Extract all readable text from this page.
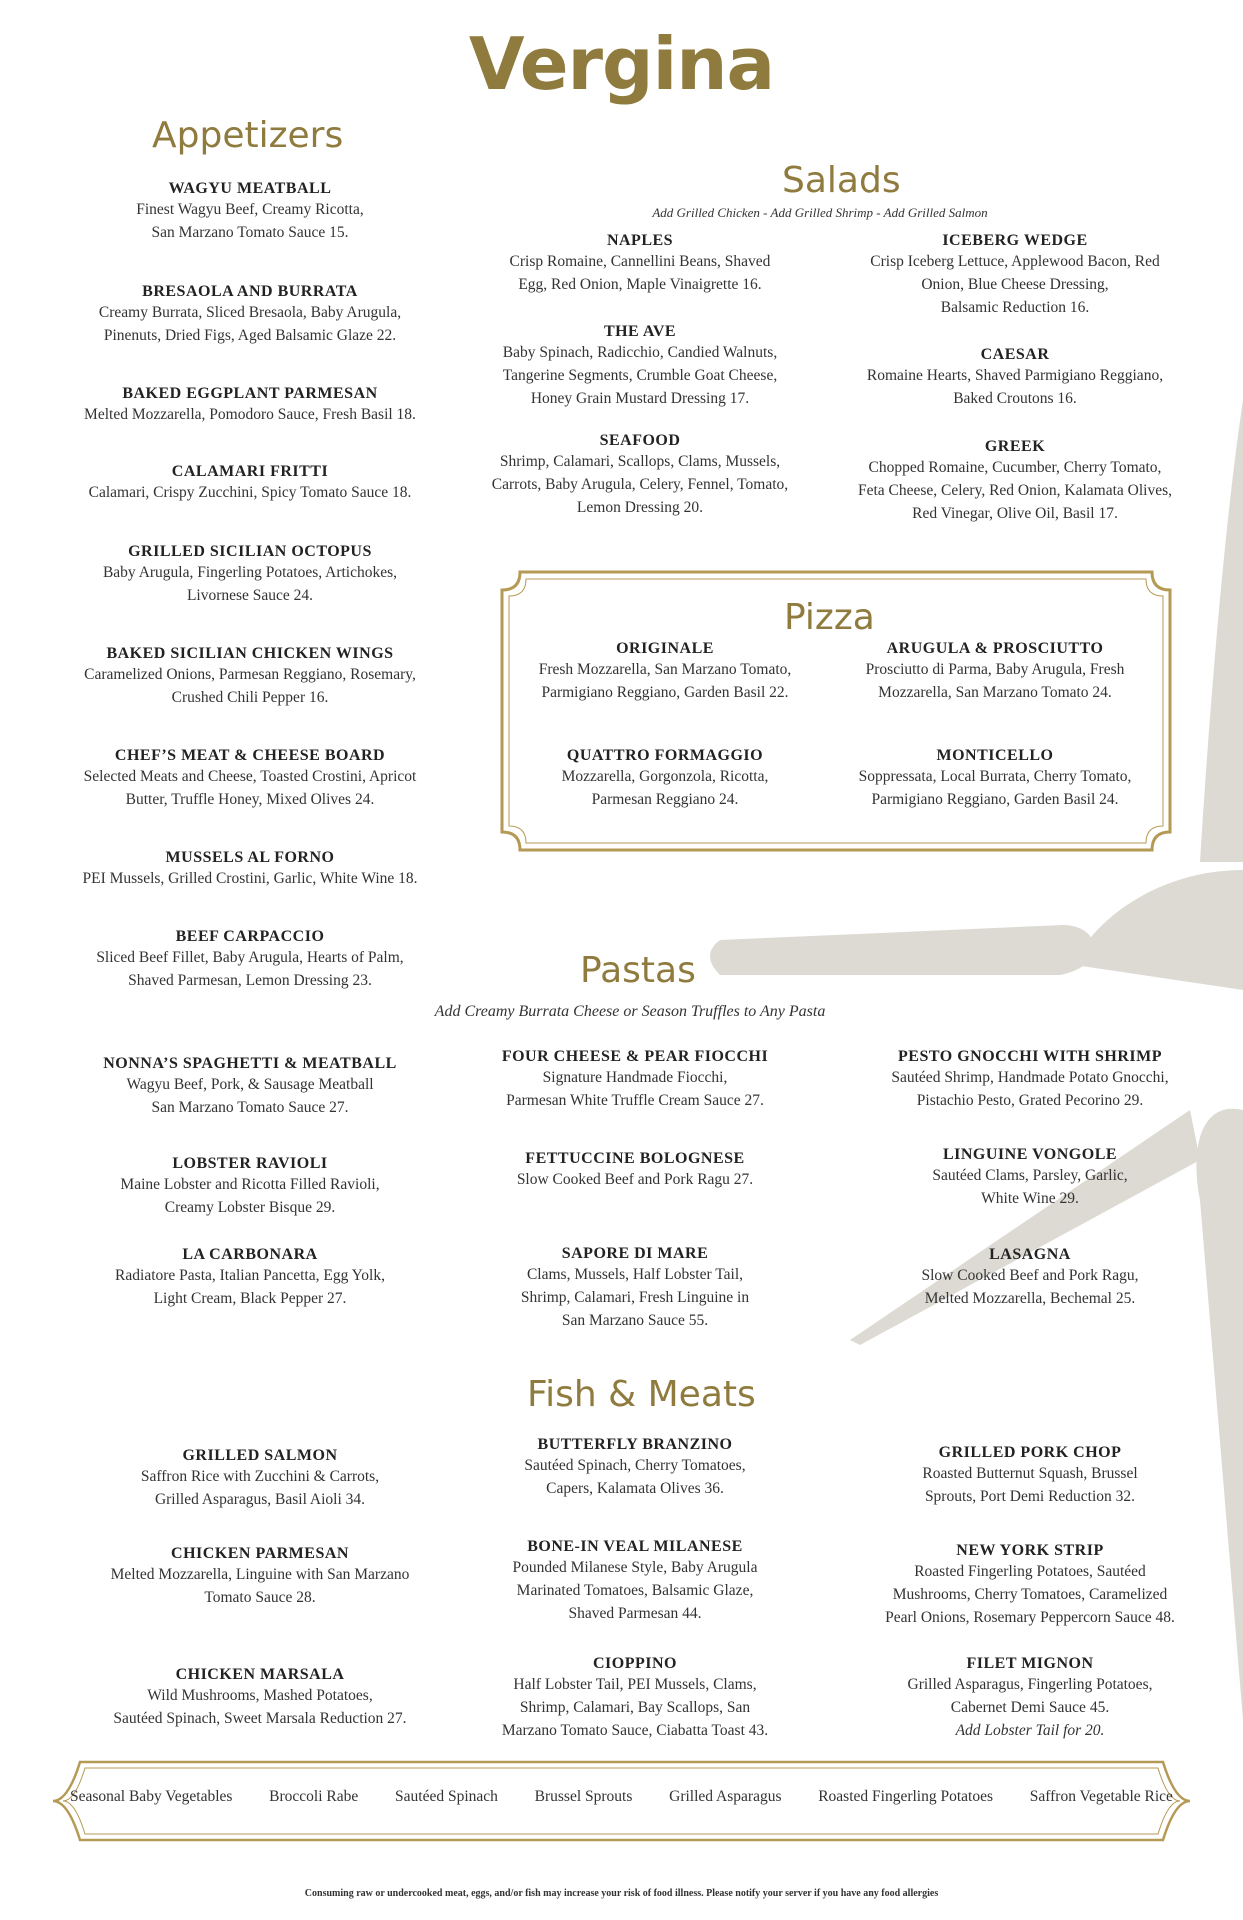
Vergina
Appetizers
WAGYU MEATBALL
Finest Wagyu Beef, Creamy Ricotta,
San Marzano Tomato Sauce 15.
BRESAOLA AND BURRATA
Creamy Burrata, Sliced Bresaola, Baby Arugula,
Pinenuts, Dried Figs, Aged Balsamic Glaze 22.
BAKED EGGPLANT PARMESAN
Melted Mozzarella, Pomodoro Sauce, Fresh Basil 18.
CALAMARI FRITTI
Calamari, Crispy Zucchini, Spicy Tomato Sauce 18.
GRILLED SICILIAN OCTOPUS
Baby Arugula, Fingerling Potatoes, Artichokes,
Livornese Sauce 24.
BAKED SICILIAN CHICKEN WINGS
Caramelized Onions, Parmesan Reggiano, Rosemary,
Crushed Chili Pepper 16.
CHEF’S MEAT & CHEESE BOARD
Selected Meats and Cheese, Toasted Crostini, Apricot
Butter, Truffle Honey, Mixed Olives 24.
MUSSELS AL FORNO
PEI Mussels, Grilled Crostini, Garlic, White Wine 18.
BEEF CARPACCIO
Sliced Beef Fillet, Baby Arugula, Hearts of Palm,
Shaved Parmesan, Lemon Dressing 23.
Salads
Add Grilled Chicken - Add Grilled Shrimp - Add Grilled Salmon
NAPLES
Crisp Romaine, Cannellini Beans, Shaved
Egg, Red Onion, Maple Vinaigrette 16.
ICEBERG WEDGE
Crisp Iceberg Lettuce, Applewood Bacon, Red
Onion, Blue Cheese Dressing,
Balsamic Reduction 16.
THE AVE
Baby Spinach, Radicchio, Candied Walnuts,
Tangerine Segments, Crumble Goat Cheese,
Honey Grain Mustard Dressing 17.
CAESAR
Romaine Hearts, Shaved Parmigiano Reggiano,
Baked Croutons 16.
SEAFOOD
Shrimp, Calamari, Scallops, Clams, Mussels,
Carrots, Baby Arugula, Celery, Fennel, Tomato,
Lemon Dressing 20.
GREEK
Chopped Romaine, Cucumber, Cherry Tomato,
Feta Cheese, Celery, Red Onion, Kalamata Olives,
Red Vinegar, Olive Oil, Basil 17.
Pizza
ORIGINALE
Fresh Mozzarella, San Marzano Tomato,
Parmigiano Reggiano, Garden Basil 22.
ARUGULA & PROSCIUTTO
Prosciutto di Parma, Baby Arugula, Fresh
Mozzarella, San Marzano Tomato 24.
QUATTRO FORMAGGIO
Mozzarella, Gorgonzola, Ricotta,
Parmesan Reggiano 24.
MONTICELLO
Soppressata, Local Burrata, Cherry Tomato,
Parmigiano Reggiano, Garden Basil 24.
Pastas
Add Creamy Burrata Cheese or Season Truffles to Any Pasta
NONNA’S SPAGHETTI & MEATBALL
Wagyu Beef, Pork, & Sausage Meatball
San Marzano Tomato Sauce 27.
FOUR CHEESE & PEAR FIOCCHI
Signature Handmade Fiocchi,
Parmesan White Truffle Cream Sauce 27.
PESTO GNOCCHI WITH SHRIMP
Sautéed Shrimp, Handmade Potato Gnocchi,
Pistachio Pesto, Grated Pecorino 29.
LOBSTER RAVIOLI
Maine Lobster and Ricotta Filled Ravioli,
Creamy Lobster Bisque 29.
FETTUCCINE BOLOGNESE
Slow Cooked Beef and Pork Ragu 27.
LINGUINE VONGOLE
Sautéed Clams, Parsley, Garlic,
White Wine 29.
LA CARBONARA
Radiatore Pasta, Italian Pancetta, Egg Yolk,
Light Cream, Black Pepper 27.
SAPORE DI MARE
Clams, Mussels, Half Lobster Tail,
Shrimp, Calamari, Fresh Linguine in
San Marzano Sauce 55.
LASAGNA
Slow Cooked Beef and Pork Ragu,
Melted Mozzarella, Bechemal 25.
Fish & Meats
GRILLED SALMON
Saffron Rice with Zucchini & Carrots,
Grilled Asparagus, Basil Aioli 34.
BUTTERFLY BRANZINO
Sautéed Spinach, Cherry Tomatoes,
Capers, Kalamata Olives 36.
GRILLED PORK CHOP
Roasted Butternut Squash, Brussel
Sprouts, Port Demi Reduction 32.
CHICKEN PARMESAN
Melted Mozzarella, Linguine with San Marzano
Tomato Sauce 28.
BONE-IN VEAL MILANESE
Pounded Milanese Style, Baby Arugula
Marinated Tomatoes, Balsamic Glaze,
Shaved Parmesan 44.
NEW YORK STRIP
Roasted Fingerling Potatoes, Sautéed
Mushrooms, Cherry Tomatoes, Caramelized
Pearl Onions, Rosemary Peppercorn Sauce 48.
CHICKEN MARSALA
Wild Mushrooms, Mashed Potatoes,
Sautéed Spinach, Sweet Marsala Reduction 27.
CIOPPINO
Half Lobster Tail, PEI Mussels, Clams,
Shrimp, Calamari, Bay Scallops, San
Marzano Tomato Sauce, Ciabatta Toast 43.
FILET MIGNON
Grilled Asparagus, Fingerling Potatoes,
Cabernet Demi Sauce 45.
Add Lobster Tail for 20.
Seasonal Baby Vegetables Broccoli Rabe Sautéed Spinach Brussel Sprouts Grilled Asparagus Roasted Fingerling Potatoes Saffron Vegetable Rice
Consuming raw or undercooked meat, eggs, and/or fish may increase your risk of food illness. Please notify your server if you have any food allergies
